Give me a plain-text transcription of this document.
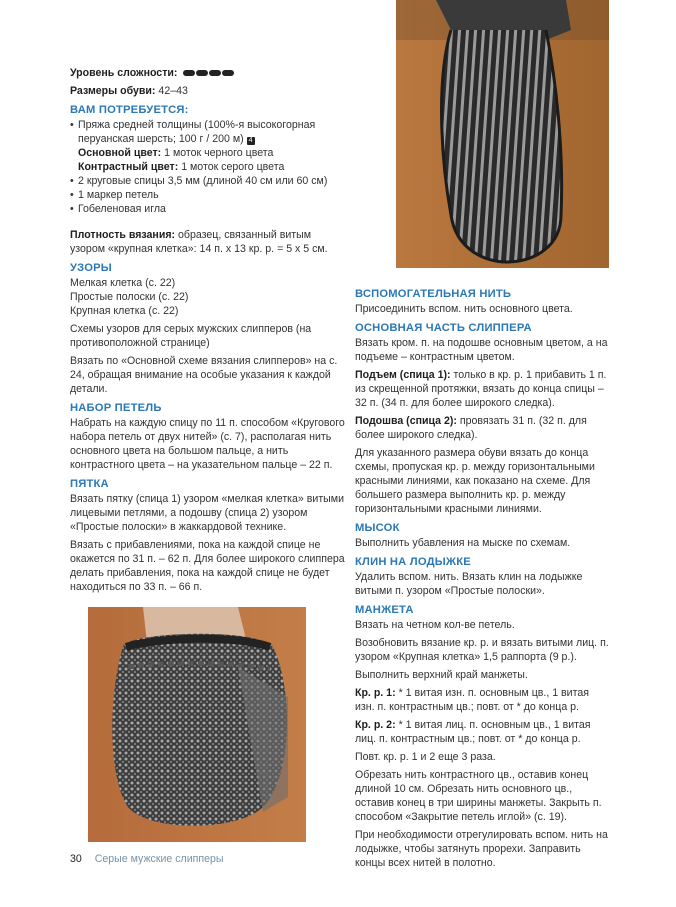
Уровень сложности:

Размеры обуви: 42–43

ВАМ ПОТРЕБУЕТСЯ:
• Пряжа средней толщины (100%-я высокогорная перуанская шерсть; 100 г / 200 м) 4
Основной цвет: 1 моток черного цвета
Контрастный цвет: 1 моток серого цвета
• 2 круговые спицы 3,5 мм (длиной 40 см или 60 см)
• 1 маркер петель
• Гобеленовая игла

Плотность вязания: образец, связанный витым узором «крупная клетка»: 14 п. х 13 кр. р. = 5 х 5 см.

УЗОРЫ

Мелкая клетка (с. 22)

Простые полоски (с. 22)

Крупная клетка (с. 22)

Схемы узоров для серых мужских слипперов (на противоположной странице)

Вязать по «Основной схеме вязания слипперов» на с. 24, обращая внимание на особые указания к каждой детали.

НАБОР ПЕТЕЛЬ

Набрать на каждую спицу по 11 п. способом «Кругового набора петель от двух нитей» (с. 7), располагая нить основного цвета на большом пальце, а нить контрастного цвета – на указательном пальце – 22 п.

ПЯТКА

Вязать пятку (спица 1) узором «мелкая клетка» витыми лицевыми петлями, а подошву (спица 2) узором «Простые полоски» в жаккардовой технике.

Вязать с прибавлениями, пока на каждой спице не окажется по 31 п. – 62 п. Для более широкого слиппера делать прибавления, пока на каждой спице не будет находиться по 33 п. – 66 п.

ВСПОМОГАТЕЛЬНАЯ НИТЬ

Присоединить вспом. нить основного цвета.

ОСНОВНАЯ ЧАСТЬ СЛИППЕРА

Вязать кром. п. на подошве основным цветом, а на подъеме – контрастным цветом.

Подъем (спица 1): только в кр. р. 1 прибавить 1 п. из скрещенной протяжки, вязать до конца спицы – 32 п. (34 п. для более широкого следка).

Подошва (спица 2): провязать 31 п. (32 п. для более широкого следка).

Для указанного размера обуви вязать до конца схемы, пропуская кр. р. между горизонтальными красными линиями, как показано на схеме. Для большего размера выполнить кр. р. между горизонтальными красными линиями.

МЫСОК

Выполнить убавления на мыске по схемам.

КЛИН НА ЛОДЫЖКЕ

Удалить вспом. нить. Вязать клин на лодыжке витыми п. узором «Простые полоски».

МАНЖЕТА

Вязать на четном кол-ве петель.

Возобновить вязание кр. р. и вязать витыми лиц. п. узором «Крупная клетка» 1,5 раппорта (9 р.).

Выполнить верхний край манжеты.

Кр. р. 1: * 1 витая изн. п. основным цв., 1 витая изн. п. контрастным цв.; повт. от * до конца р.

Кр. р. 2: * 1 витая лиц. п. основным цв., 1 витая лиц. п. контрастным цв.; повт. от * до конца р.

Повт. кр. р. 1 и 2 еще 3 раза.

Обрезать нить контрастного цв., оставив конец длиной 10 см. Обрезать нить основного цв., оставив конец в три ширины манжеты. Закрыть п. способом «Закрытие петель иглой» (с. 19).

При необходимости отрегулировать вспом. нить на лодыжке, чтобы затянуть прорехи. Заправить концы всех нитей в полотно.

30 Серые мужские слипперы
